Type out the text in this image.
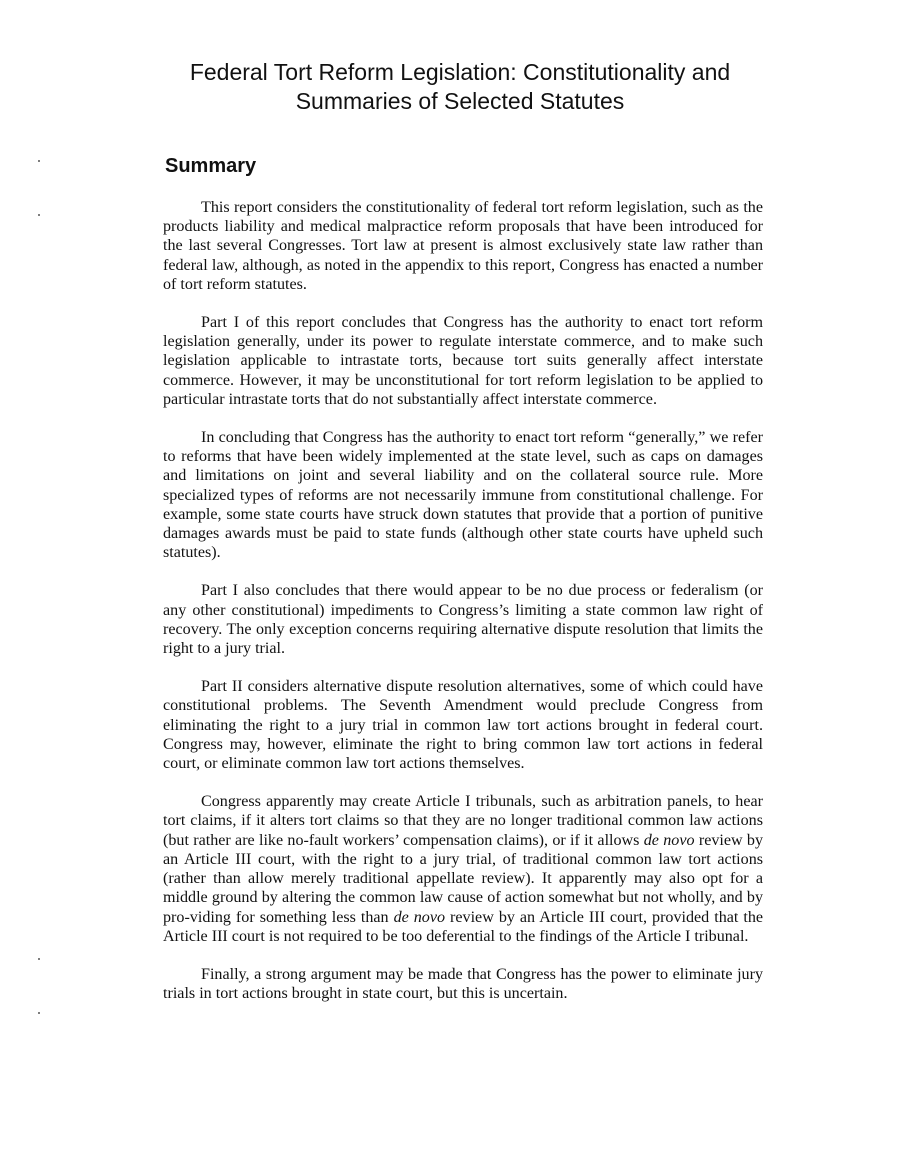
Federal Tort Reform Legislation: Constitutionality and
Summaries of Selected Statutes
Summary

This report considers the constitutionality of federal tort reform legislation, such as the products liability and medical malpractice reform proposals that have been introduced for the last several Congresses. Tort law at present is almost exclusively state law rather than federal law, although, as noted in the appendix to this report, Congress has enacted a number of tort reform statutes.

Part I of this report concludes that Congress has the authority to enact tort reform legislation generally, under its power to regulate interstate commerce, and to make such legislation applicable to intrastate torts, because tort suits generally affect interstate commerce. However, it may be unconstitutional for tort reform legislation to be applied to particular intrastate torts that do not substantially affect interstate commerce.

In concluding that Congress has the authority to enact tort reform “generally,” we refer to reforms that have been widely implemented at the state level, such as caps on damages and limitations on joint and several liability and on the collateral source rule. More specialized types of reforms are not necessarily immune from constitutional challenge. For example, some state courts have struck down statutes that provide that a portion of punitive damages awards must be paid to state funds (although other state courts have upheld such statutes).

Part I also concludes that there would appear to be no due process or federalism (or any other constitutional) impediments to Congress’s limiting a state common law right of recovery. The only exception concerns requiring alternative dispute resolution that limits the right to a jury trial.

Part II considers alternative dispute resolution alternatives, some of which could have constitutional problems. The Seventh Amendment would preclude Congress from eliminating the right to a jury trial in common law tort actions brought in federal court. Congress may, however, eliminate the right to bring common law tort actions in federal court, or eliminate common law tort actions themselves.

Congress apparently may create Article I tribunals, such as arbitration panels, to hear tort claims, if it alters tort claims so that they are no longer traditional common law actions (but rather are like no-fault workers’ compensation claims), or if it allows de novo review by an Article III court, with the right to a jury trial, of traditional common law tort actions (rather than allow merely traditional appellate review). It apparently may also opt for a middle ground by altering the common law cause of action somewhat but not wholly, and by pro-viding for something less than de novo review by an Article III court, provided that the Article III court is not required to be too deferential to the findings of the Article I tribunal.

Finally, a strong argument may be made that Congress has the power to eliminate jury trials in tort actions brought in state court, but this is uncertain.
